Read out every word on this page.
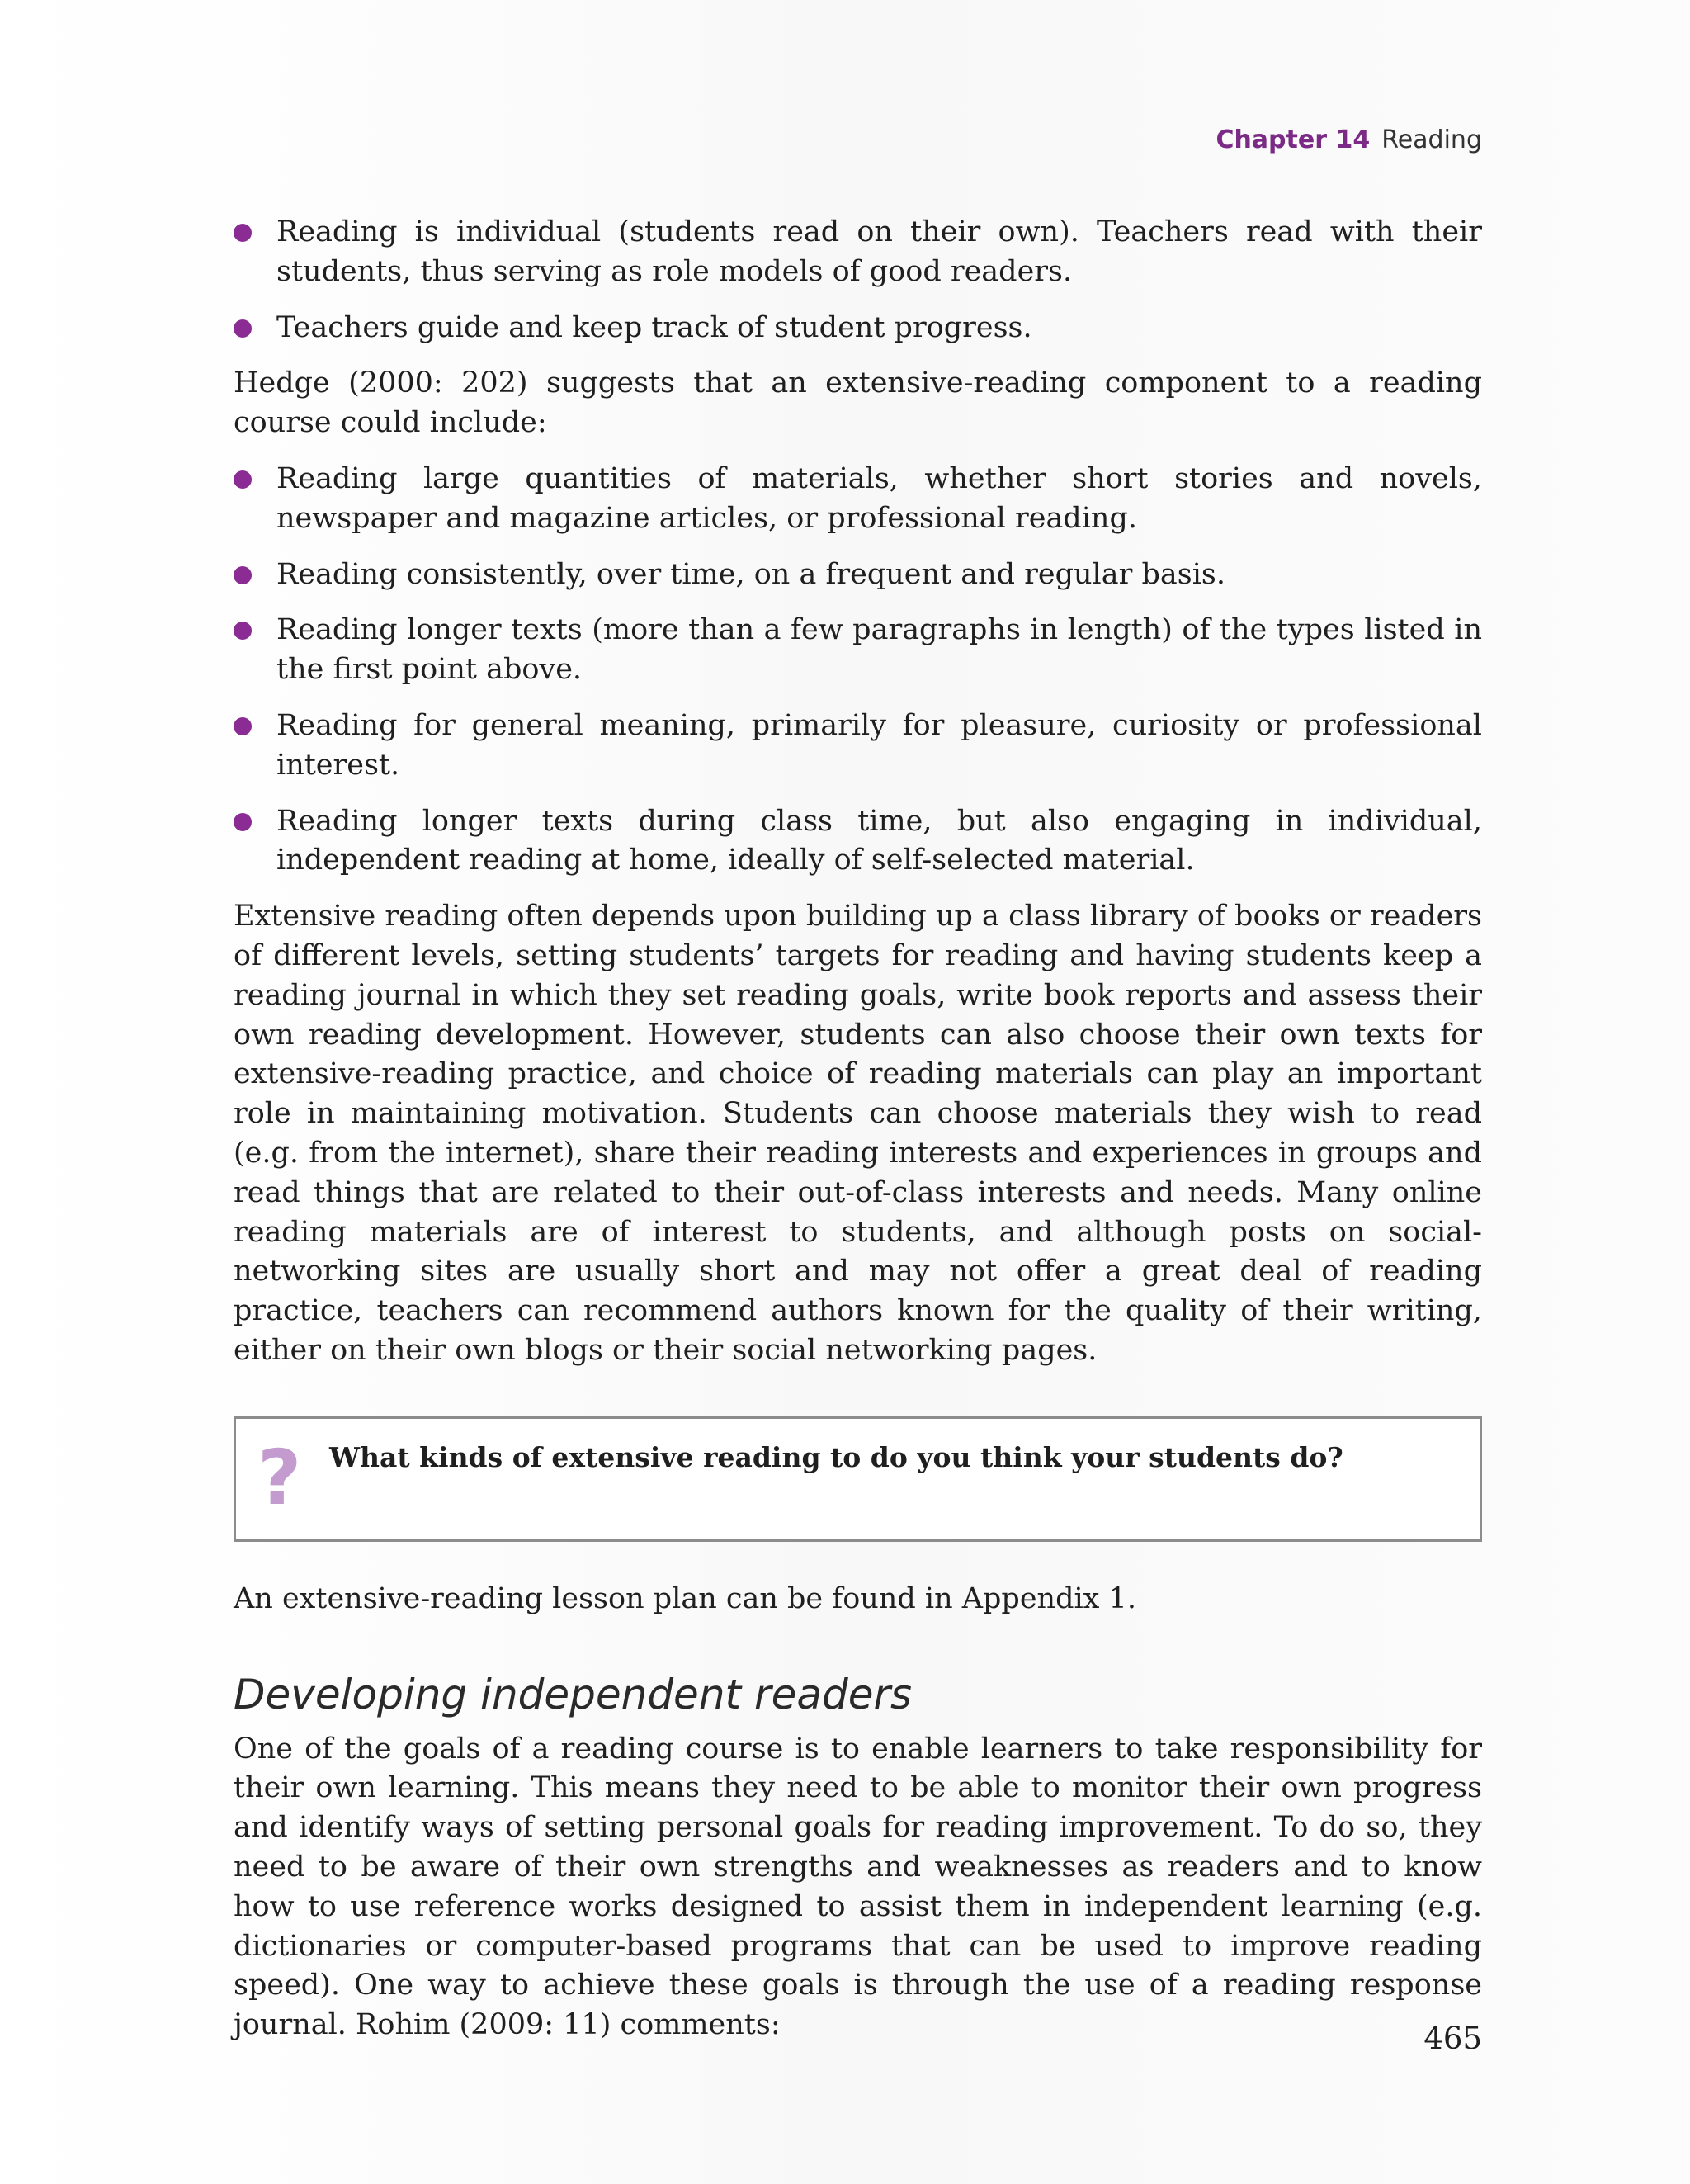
Chapter 14 Reading
Reading is individual (students read on their own). Teachers read with their students, thus serving as role models of good readers.
Teachers guide and keep track of student progress.

Hedge (2000: 202) suggests that an extensive-reading component to a reading course could include:

Reading large quantities of materials, whether short stories and novels, newspaper and magazine articles, or professional reading.
Reading consistently, over time, on a frequent and regular basis.
Reading longer texts (more than a few paragraphs in length) of the types listed in the first point above.
Reading for general meaning, primarily for pleasure, curiosity or professional interest.
Reading longer texts during class time, but also engaging in individual, independent reading at home, ideally of self-selected material.

Extensive reading often depends upon building up a class library of books or readers of different levels, setting students’ targets for reading and having students keep a reading journal in which they set reading goals, write book reports and assess their own reading development. However, students can also choose their own texts for extensive-reading practice, and choice of reading materials can play an important role in maintaining motivation. Students can choose materials they wish to read (e.g. from the internet), share their reading interests and experiences in groups and read things that are related to their out-of-class interests and needs. Many online reading materials are of interest to students, and although posts on social-networking sites are usually short and may not offer a great deal of reading practice, teachers can recommend authors known for the quality of their writing, either on their own blogs or their social networking pages.

? What kinds of extensive reading to do you think your students do?

An extensive-reading lesson plan can be found in Appendix 1.

Developing independent readers

One of the goals of a reading course is to enable learners to take responsibility for their own learning. This means they need to be able to monitor their own progress and identify ways of setting personal goals for reading improvement. To do so, they need to be aware of their own strengths and weaknesses as readers and to know how to use reference works designed to assist them in independent learning (e.g. dictionaries or computer-based programs that can be used to improve reading speed). One way to achieve these goals is through the use of a reading response journal. Rohim (2009: 11) comments:	465
